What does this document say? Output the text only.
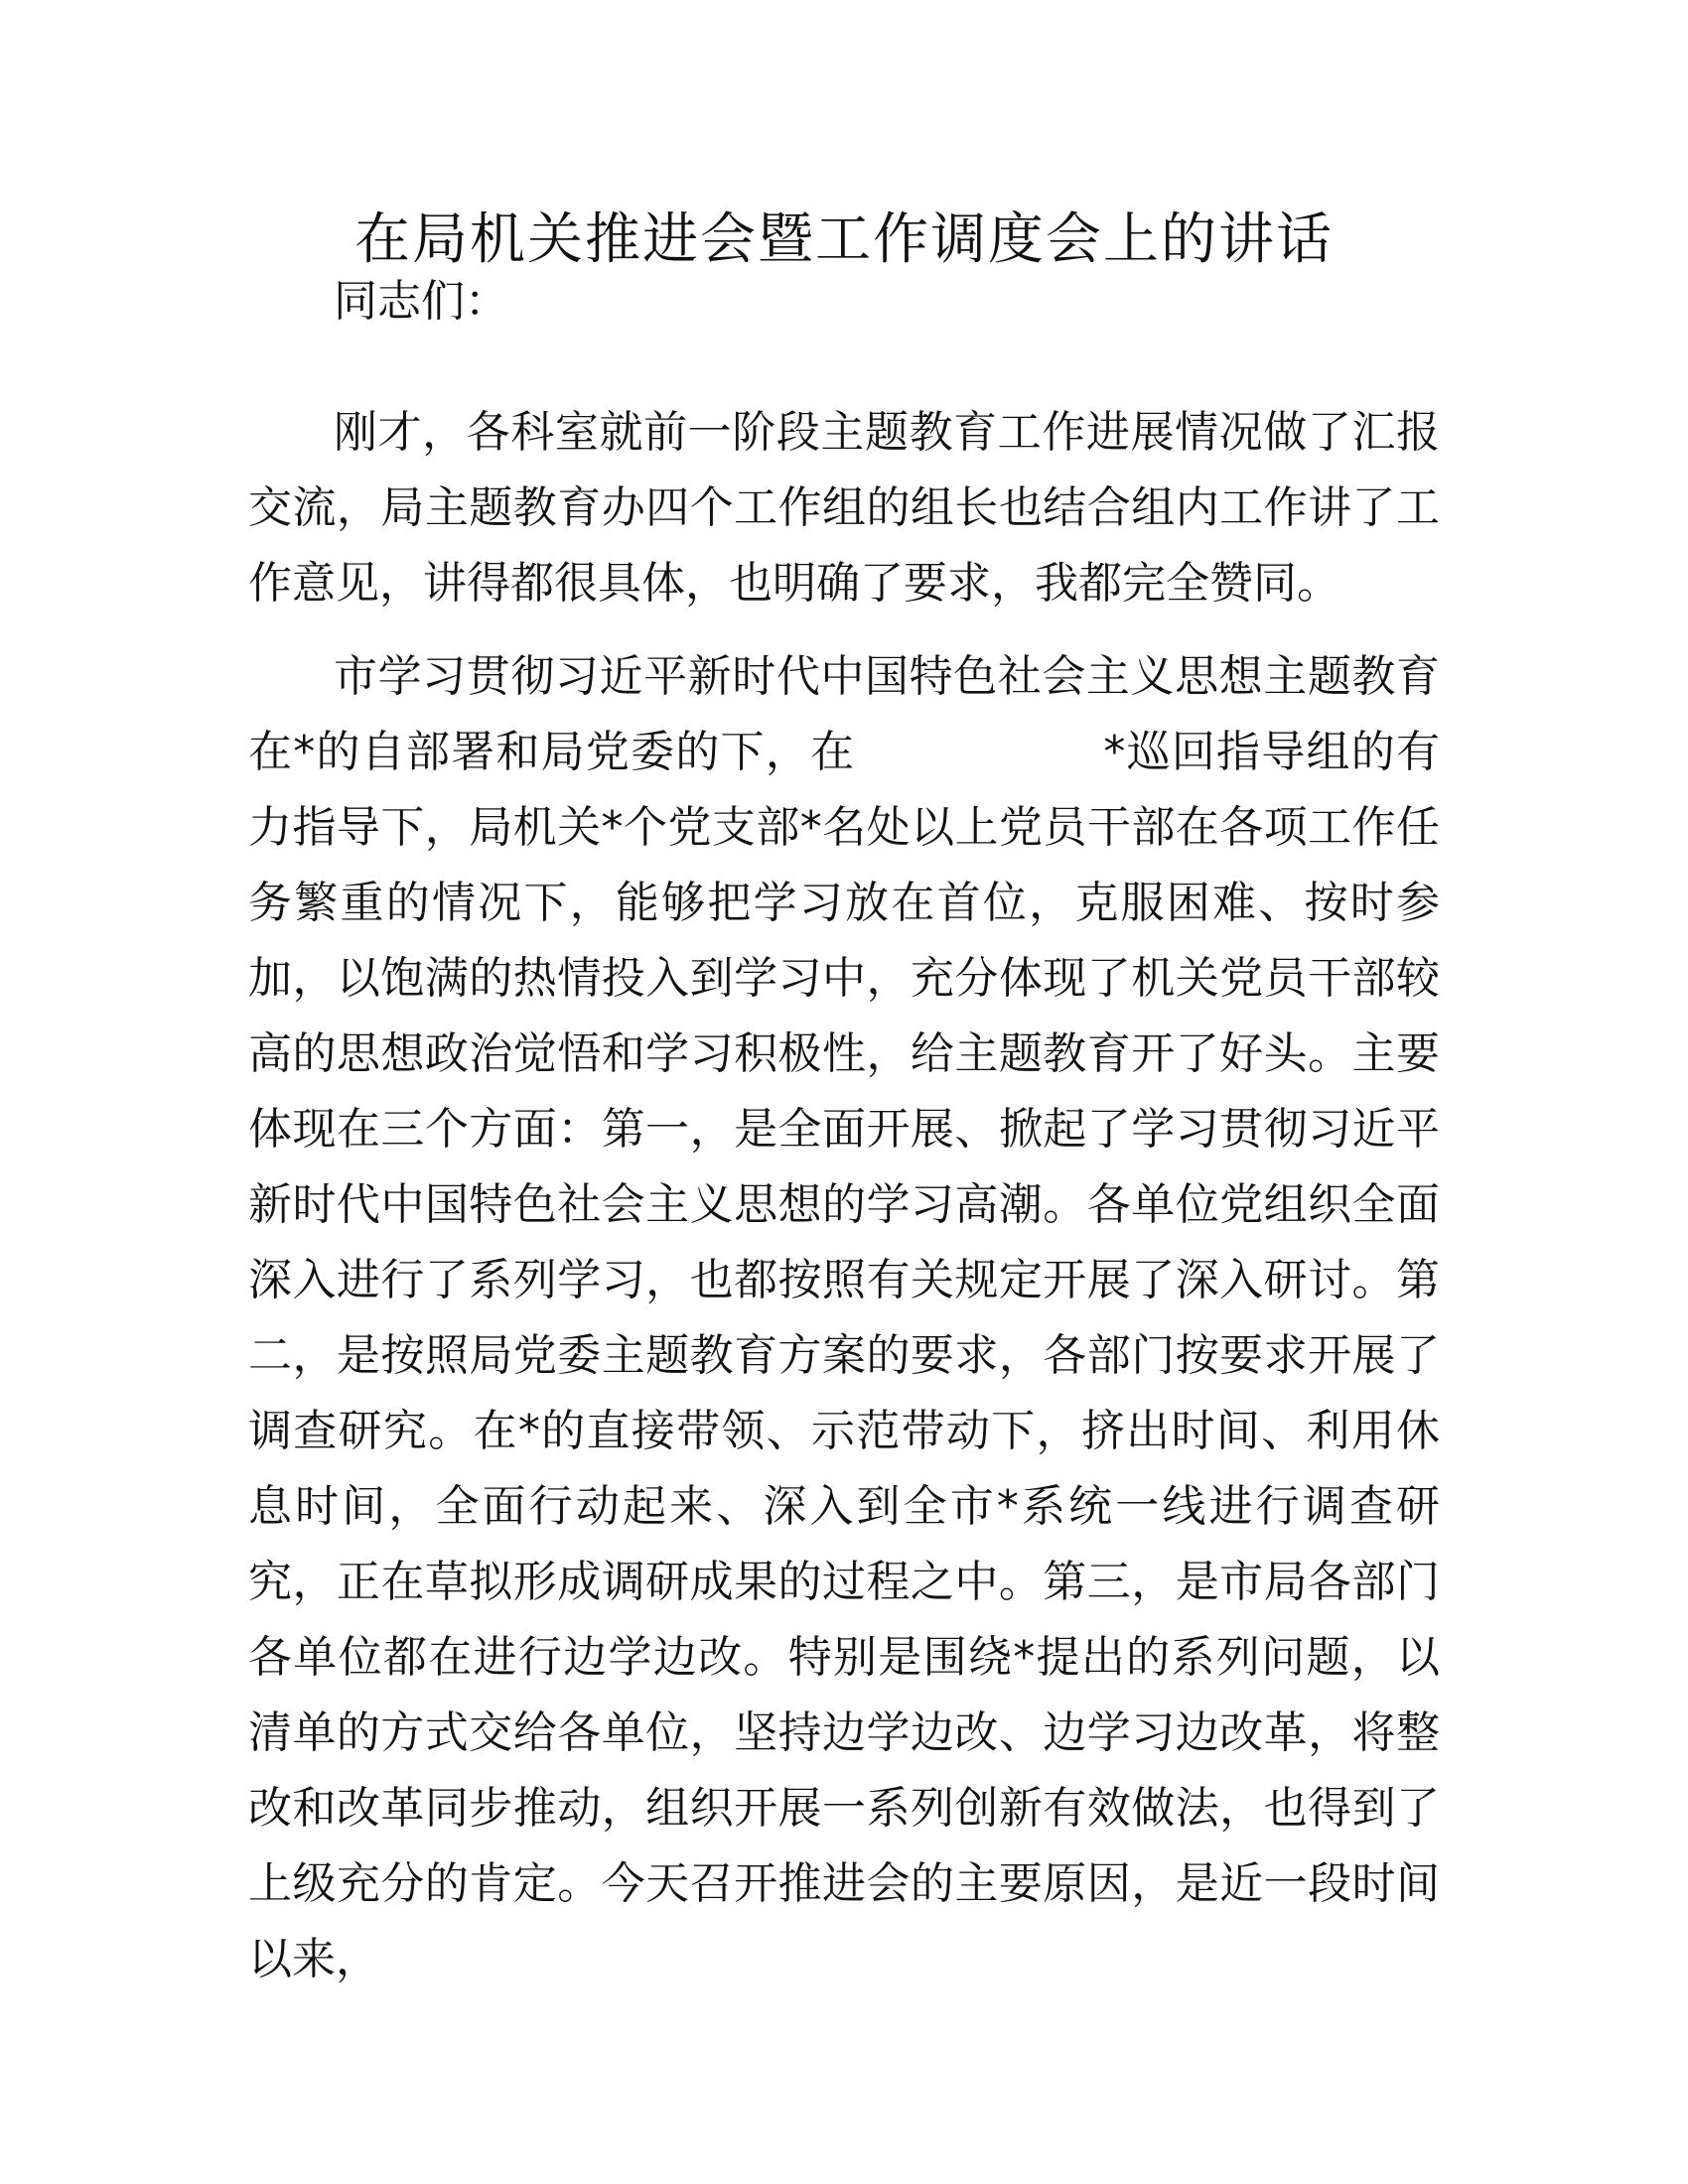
在局机关推进会暨工作调度会上的讲话

同志们：

刚才，各科室就前一阶段主题教育工作进展情况做了汇报交流，局主题教育办四个工作组的组长也结合组内工作讲了工作意见，讲得都很具体，也明确了要求，我都完全赞同。

市学习贯彻习近平新时代中国特色社会主义思想主题教育在*的自部署和局党委的下，在	*巡回指导组的有力指导下，局机关*个党支部*名处以上党员干部在各项工作任务繁重的情况下，能够把学习放在首位，克服困难、按时参加，以饱满的热情投入到学习中，充分体现了机关党员干部较高的思想政治觉悟和学习积极性，给主题教育开了好头。主要体现在三个方面：第一，是全面开展、掀起了学习贯彻习近平新时代中国特色社会主义思想的学习高潮。各单位党组织全面深入进行了系列学习，也都按照有关规定开展了深入研讨。第二，是按照局党委主题教育方案的要求，各部门按要求开展了调查研究。在*的直接带领、示范带动下，挤出时间、利用休息时间，全面行动起来、深入到全市*系统一线进行调查研究，正在草拟形成调研成果的过程之中。第三，是市局各部门各单位都在进行边学边改。特别是围绕*提出的系列问题，以清单的方式交给各单位，坚持边学边改、边学习边改革，将整改和改革同步推动，组织开展一系列创新有效做法，也得到了上级充分的肯定。今天召开推进会的主要原因，是近一段时间以来，
